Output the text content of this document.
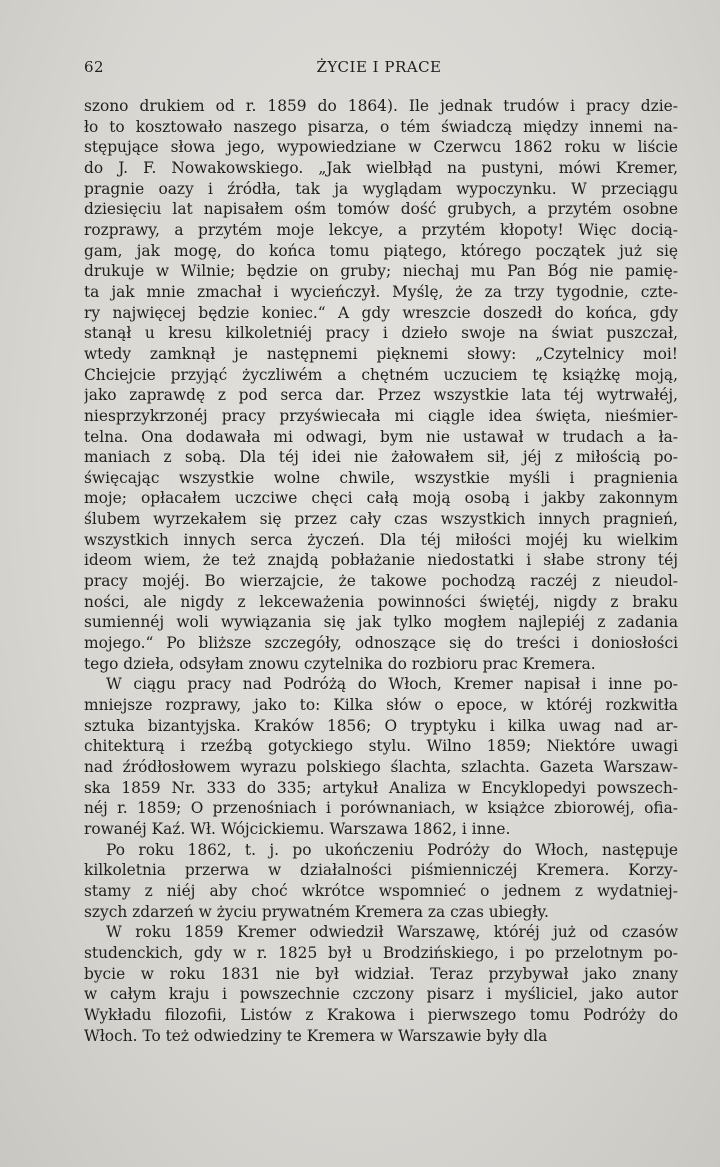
62	ŻYCIE I PRACE
szono drukiem od r. 1859 do 1864). Ile jednak trudów i pracy dzie-
ło to kosztowało naszego pisarza, o tém świadczą między innemi na-
stępujące słowa jego, wypowiedziane w Czerwcu 1862 roku w liście
do J. F. Nowakowskiego. „Jak wielbłąd na pustyni, mówi Kremer,
pragnie oazy i źródła, tak ja wyglądam wypoczynku. W przeciągu
dziesięciu lat napisałem ośm tomów dość grubych, a przytém osobne
rozprawy, a przytém moje lekcye, a przytém kłopoty! Więc docią-
gam, jak mogę, do końca tomu piątego, którego początek już się
drukuje w Wilnie; będzie on gruby; niechaj mu Pan Bóg nie pamię-
ta jak mnie zmachał i wycieńczył. Myślę, że za trzy tygodnie, czte-
ry najwięcej będzie koniec.“ A gdy wreszcie doszedł do końca, gdy
stanął u kresu kilkoletniéj pracy i dzieło swoje na świat puszczał,
wtedy zamknął je następnemi pięknemi słowy: „Czytelnicy moi!
Chciejcie przyjąć życzliwém a chętném uczuciem tę książkę moją,
jako zaprawdę z pod serca dar. Przez wszystkie lata téj wytrwałéj,
niesprzykrzonéj pracy przyświecała mi ciągle idea święta, nieśmier-
telna. Ona dodawała mi odwagi, bym nie ustawał w trudach a ła-
maniach z sobą. Dla téj idei nie żałowałem sił, jéj z miłością po-
święcając wszystkie wolne chwile, wszystkie myśli i pragnienia
moje; opłacałem uczciwe chęci całą moją osobą i jakby zakonnym
ślubem wyrzekałem się przez cały czas wszystkich innych pragnień,
wszystkich innych serca życzeń. Dla téj miłości mojéj ku wielkim
ideom wiem, że też znajdą pobłażanie niedostatki i słabe strony téj
pracy mojéj. Bo wierzajcie, że takowe pochodzą raczéj z nieudol-
ności, ale nigdy z lekceważenia powinności świętéj, nigdy z braku
sumiennéj woli wywiązania się jak tylko mogłem najlepiéj z zadania
mojego.“ Po bliższe szczegóły, odnoszące się do treści i doniosłości
tego dzieła, odsyłam znowu czytelnika do rozbioru prac Kremera.
W ciągu pracy nad Podróżą do Włoch, Kremer napisał i inne po-
mniejsze rozprawy, jako to: Kilka słów o epoce, w któréj rozkwitła
sztuka bizantyjska. Kraków 1856; O tryptyku i kilka uwag nad ar-
chitekturą i rzeźbą gotyckiego stylu. Wilno 1859; Niektóre uwagi
nad źródłosłowem wyrazu polskiego ślachta, szlachta. Gazeta Warszaw-
ska 1859 Nr. 333 do 335; artykuł Analiza w Encyklopedyi powszech-
néj r. 1859; O przenośniach i porównaniach, w książce zbiorowéj, ofia-
rowanéj Kaź. Wł. Wójcickiemu. Warszawa 1862, i inne.
Po roku 1862, t. j. po ukończeniu Podróży do Włoch, następuje
kilkoletnia przerwa w działalności piśmienniczéj Kremera. Korzy-
stamy z niéj aby choć wkrótce wspomnieć o jednem z wydatniej-
szych zdarzeń w życiu prywatném Kremera za czas ubiegły.
W roku 1859 Kremer odwiedził Warszawę, któréj już od czasów
studenckich, gdy w r. 1825 był u Brodzińskiego, i po przelotnym po-
bycie w roku 1831 nie był widział. Teraz przybywał jako znany
w całym kraju i powszechnie czczony pisarz i myśliciel, jako autor
Wykładu filozofii, Listów z Krakowa i pierwszego tomu Podróży do
Włoch. To też odwiedziny te Kremera w Warszawie były dla
